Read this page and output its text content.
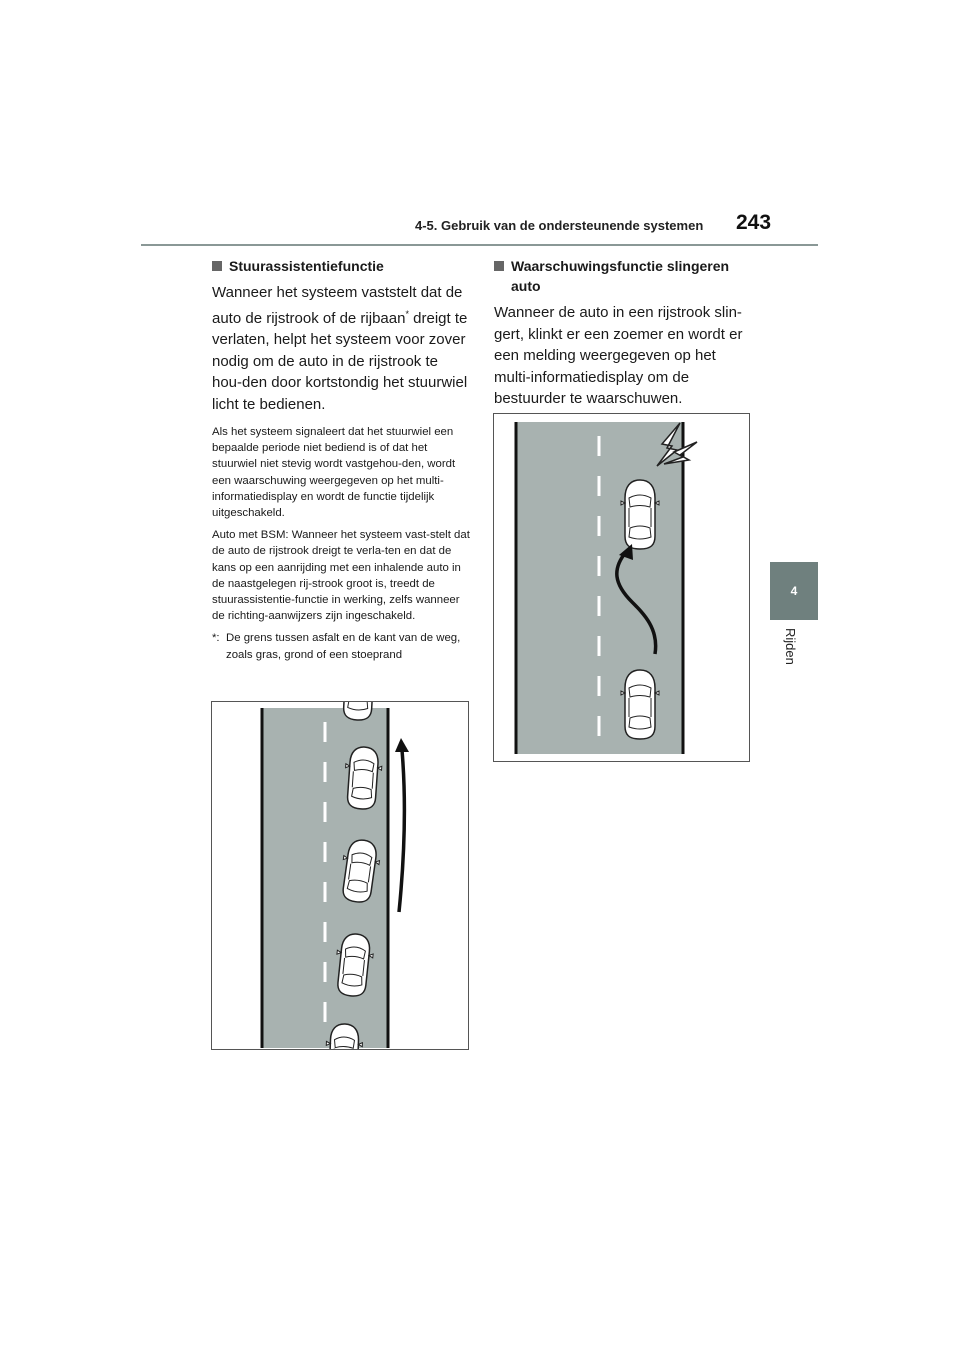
4-5. Gebruik van de ondersteunende systemen 243
4
Rijden
Stuurassistentiefunctie

Wanneer het systeem vaststelt dat de auto de rijstrook of de rijbaan* dreigt te verlaten, helpt het systeem voor zover nodig om de auto in de rijstrook te hou-den door kortstondig het stuurwiel licht te bedienen.

Als het systeem signaleert dat het stuurwiel een bepaalde periode niet bediend is of dat het stuurwiel niet stevig wordt vastgehou-den, wordt een waarschuwing weergegeven op het multi-informatiedisplay en wordt de functie tijdelijk uitgeschakeld.

Auto met BSM: Wanneer het systeem vast-stelt dat de auto de rijstrook dreigt te verla-ten en dat de kans op een aanrijding met een inhalende auto in de naastgelegen rij-strook groot is, treedt de stuurassistentie-functie in werking, zelfs wanneer de richting-aanwijzers zijn ingeschakeld.

*: De grens tussen asfalt en de kant van de weg, zoals gras, grond of een stoeprand
Waarschuwingsfunctie slingeren auto

Wanneer de auto in een rijstrook slin-gert, klinkt er een zoemer en wordt er een melding weergegeven op het multi-informatiedisplay om de bestuurder te waarschuwen.
